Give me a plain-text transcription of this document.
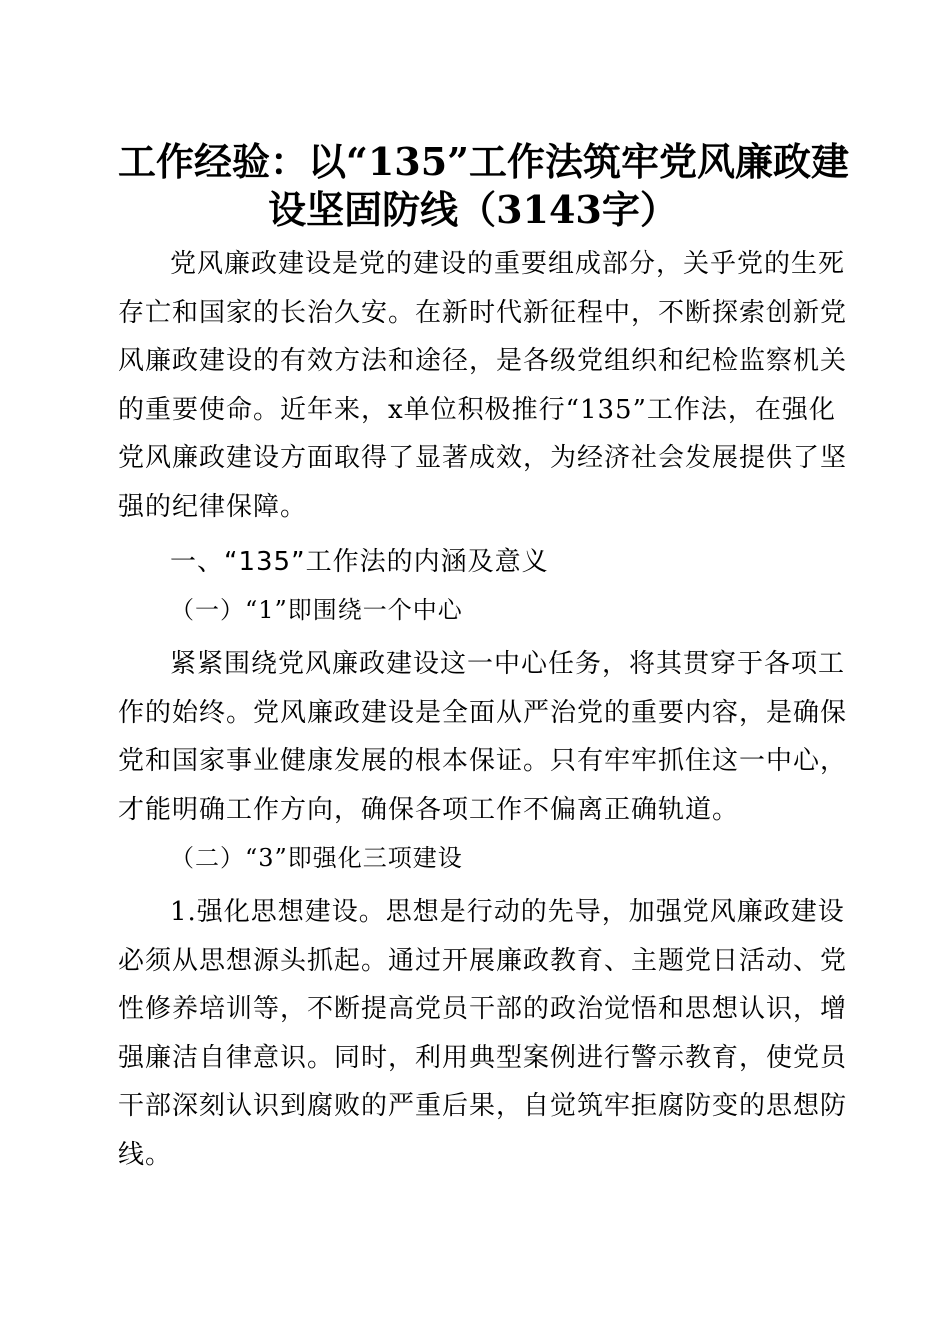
工作经验：以“135”工作法筑牢党风廉政建
设坚固防线（3143字）
党风廉政建设是党的建设的重要组成部分，关乎党的生死
存亡和国家的长治久安。在新时代新征程中，不断探索创新党
风廉政建设的有效方法和途径，是各级党组织和纪检监察机关
的重要使命。近年来，x单位积极推行“135”工作法，在强化
党风廉政建设方面取得了显著成效，为经济社会发展提供了坚
强的纪律保障。
一、“135”工作法的内涵及意义
（一）“1”即围绕一个中心
紧紧围绕党风廉政建设这一中心任务，将其贯穿于各项工
作的始终。党风廉政建设是全面从严治党的重要内容，是确保
党和国家事业健康发展的根本保证。只有牢牢抓住这一中心，
才能明确工作方向，确保各项工作不偏离正确轨道。
（二）“3”即强化三项建设
1.强化思想建设。思想是行动的先导，加强党风廉政建设
必须从思想源头抓起。通过开展廉政教育、主题党日活动、党
性修养培训等，不断提高党员干部的政治觉悟和思想认识，增
强廉洁自律意识。同时，利用典型案例进行警示教育，使党员
干部深刻认识到腐败的严重后果，自觉筑牢拒腐防变的思想防
线。
